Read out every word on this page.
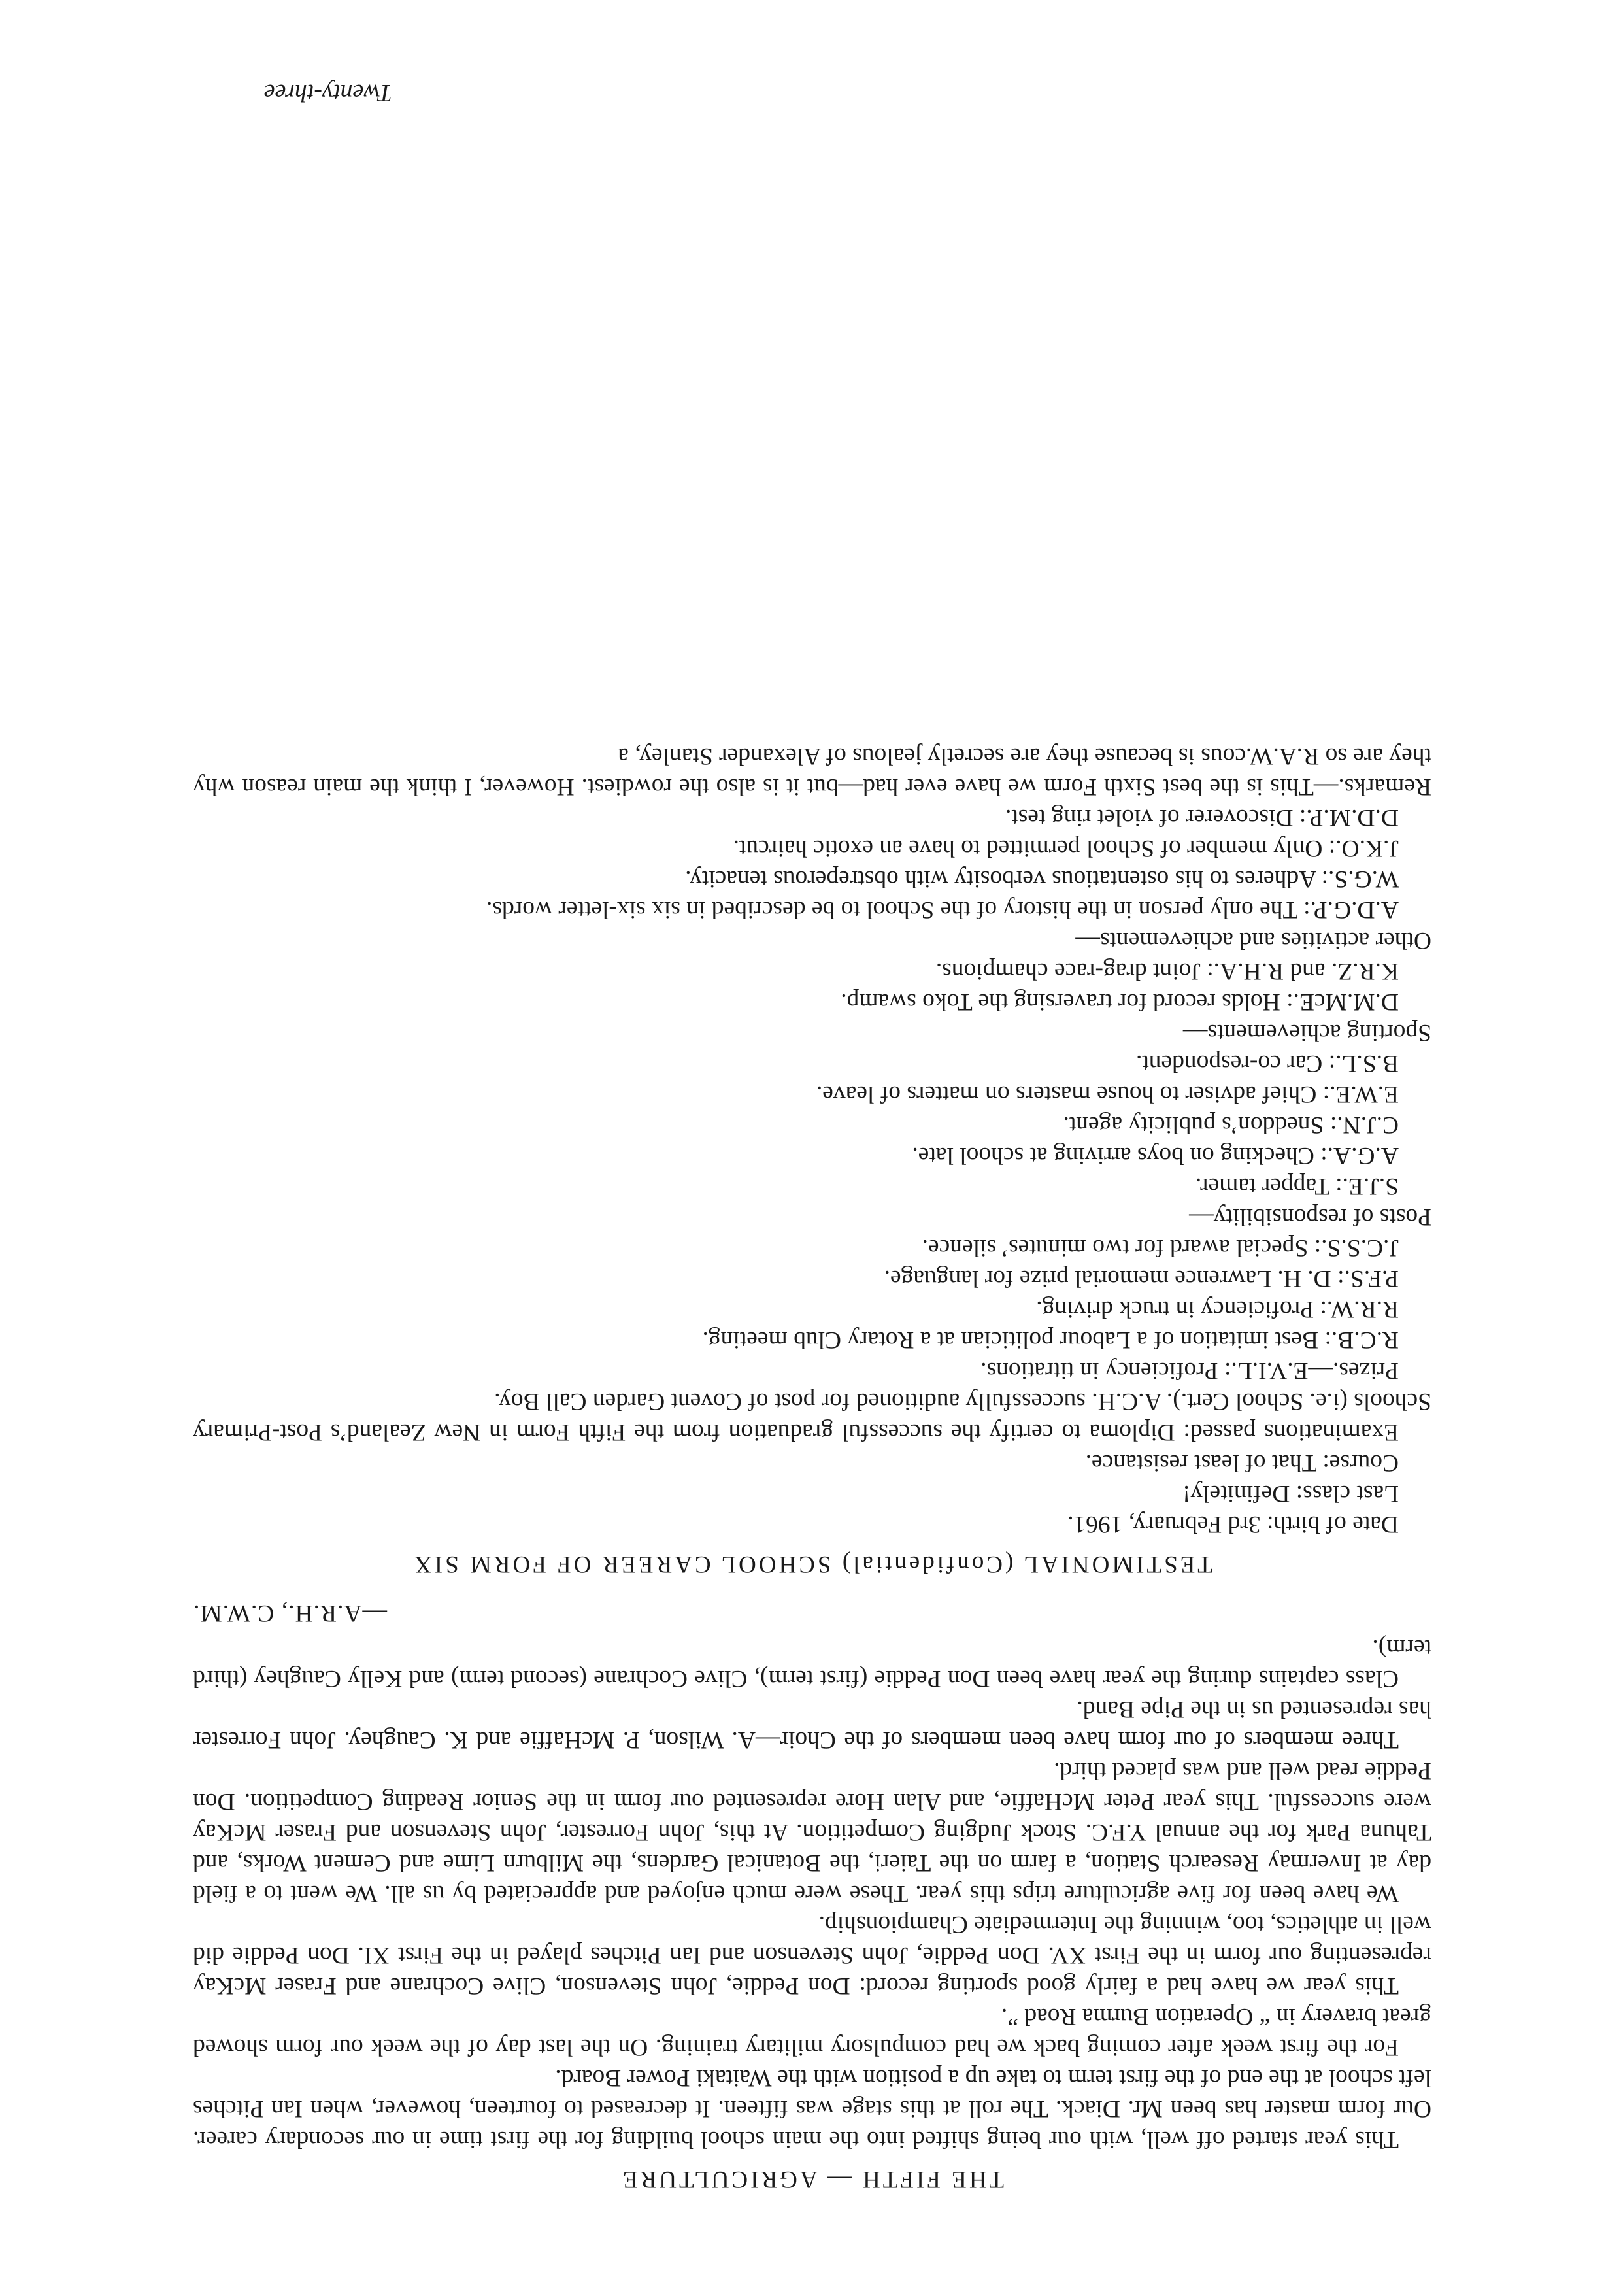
THE FIFTH — AGRICULTURE

This year started off well, with our being shifted into the main school building for the first time in our secondary career. Our form master has been Mr. Diack. The roll at this stage was fifteen. It decreased to fourteen, however, when Ian Pitches left school at the end of the first term to take up a position with the Waitaki Power Board.

For the first week after coming back we had compulsory military training. On the last day of the week our form showed great bravery in “ Operation Burma Road ”.

This year we have had a fairly good sporting record: Don Peddie, John Stevenson, Clive Cochrane and Fraser McKay representing our form in the First XV. Don Peddie, John Stevenson and Ian Pitches played in the First XI. Don Peddie did well in athletics, too, winning the Intermediate Championship.

We have been for five agriculture trips this year. These were much enjoyed and appreciated by us all. We went to a field day at Invermay Research Station, a farm on the Taieri, the Botanical Gardens, the Milburn Lime and Cement Works, and Tahuna Park for the annual Y.F.C. Stock Judging Competition. At this, John Forrester, John Stevenson and Fraser McKay were successful. This year Peter McHaffie, and Alan Hore represented our form in the Senior Reading Competition. Don Peddie read well and was placed third.

Three members of our form have been members of the Choir—A. Wilson, P. McHaffie and K. Caughey. John Forrester has represented us in the Pipe Band.

Class captains during the year have been Don Peddie (first term), Clive Cochrane (second term) and Kelly Caughey (third term).

—A.R.H., C.W.M.
TESTIMONIAL (Confidential) SCHOOL CAREER OF FORM SIX
Date of birth: 3rd February, 1961.
Last class: Definitely!
Course: That of least resistance.

Examinations passed: Diploma to certify the successful graduation from the Fifth Form in New Zealand’s Post-Primary Schools (i.e. School Cert.). A.C.H. successfully auditioned for post of Covent Garden Call Boy.

Prizes.—E.V.I.L.: Proficiency in titrations.
R.C.B.: Best imitation of a Labour politician at a Rotary Club meeting.
R.R.W.: Proficiency in truck driving.
P.F.S.: D. H. Lawrence memorial prize for language.
J.C.S.S.: Special award for two minutes’ silence.
Posts of responsibility—
S.J.E.: Tapper tamer.
A.G.A.: Checking on boys arriving at school late.
C.J.N.: Sneddon’s publicity agent.
E.W.E.: Chief adviser to house masters on matters of leave.
B.S.L.: Car co-respondent.
Sporting achievements—
D.M.McE.: Holds record for traversing the Toko swamp.
K.R.Z. and R.H.A.: Joint drag-race champions.
Other activities and achievements—
A.D.G.P.: The only person in the history of the School to be described in six six-letter words.
W.G.S.: Adheres to his ostentatious verbosity with obstreperous tenacity.
J.K.O.: Only member of School permitted to have an exotic haircut.
D.D.M.P.: Discoverer of violet ring test.

Remarks.—This is the best Sixth Form we have ever had—but it is also the rowdiest. However, I think the main reason why they are so R.A.W.cous is because they are secretly jealous of Alexander Stanley, a

Twenty-three
